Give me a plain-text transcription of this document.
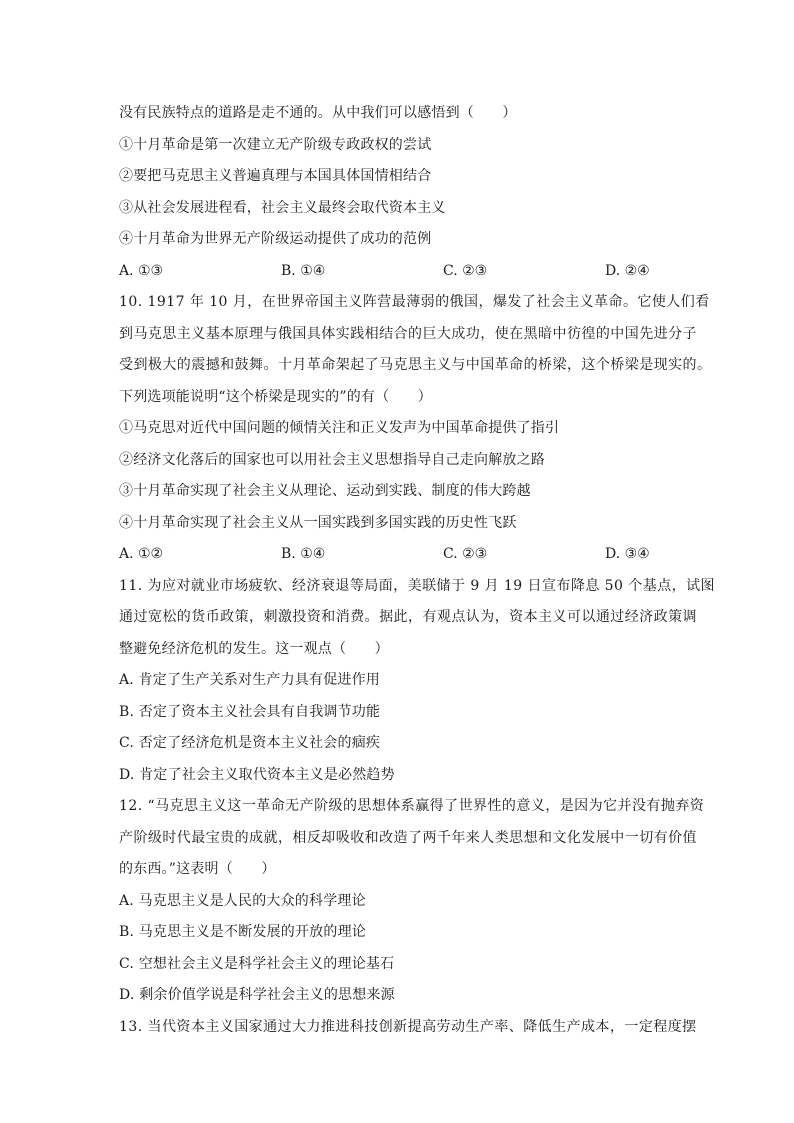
没有民族特点的道路是走不通的。从中我们可以感悟到（　　）
①十月革命是第一次建立无产阶级专政政权的尝试
②要把马克思主义普遍真理与本国具体国情相结合
③从社会发展进程看，社会主义最终会取代资本主义
④十月革命为世界无产阶级运动提供了成功的范例
A. ①③	B. ①④	C. ②③	D. ②④
10. 1917 年 10 月，在世界帝国主义阵营最薄弱的俄国，爆发了社会主义革命。它使人们看
到马克思主义基本原理与俄国具体实践相结合的巨大成功，使在黑暗中彷徨的中国先进分子
受到极大的震撼和鼓舞。十月革命架起了马克思主义与中国革命的桥梁，这个桥梁是现实的。
下列选项能说明“这个桥梁是现实的”的有（　　）
①马克思对近代中国问题的倾情关注和正义发声为中国革命提供了指引
②经济文化落后的国家也可以用社会主义思想指导自己走向解放之路
③十月革命实现了社会主义从理论、运动到实践、制度的伟大跨越
④十月革命实现了社会主义从一国实践到多国实践的历史性飞跃
A. ①②	B. ①④	C. ②③	D. ③④
11. 为应对就业市场疲软、经济衰退等局面，美联储于 9 月 19 日宣布降息 50 个基点，试图
通过宽松的货币政策，刺激投资和消费。据此，有观点认为，资本主义可以通过经济政策调
整避免经济危机的发生。这一观点（　　）
A. 肯定了生产关系对生产力具有促进作用
B. 否定了资本主义社会具有自我调节功能
C. 否定了经济危机是资本主义社会的痼疾
D. 肯定了社会主义取代资本主义是必然趋势
12. “马克思主义这一革命无产阶级的思想体系赢得了世界性的意义，是因为它并没有抛弃资
产阶级时代最宝贵的成就，相反却吸收和改造了两千年来人类思想和文化发展中一切有价值
的东西。”这表明（　　）
A. 马克思主义是人民的大众的科学理论
B. 马克思主义是不断发展的开放的理论
C. 空想社会主义是科学社会主义的理论基石
D. 剩余价值学说是科学社会主义的思想来源
13. 当代资本主义国家通过大力推进科技创新提高劳动生产率、降低生产成本，一定程度摆
